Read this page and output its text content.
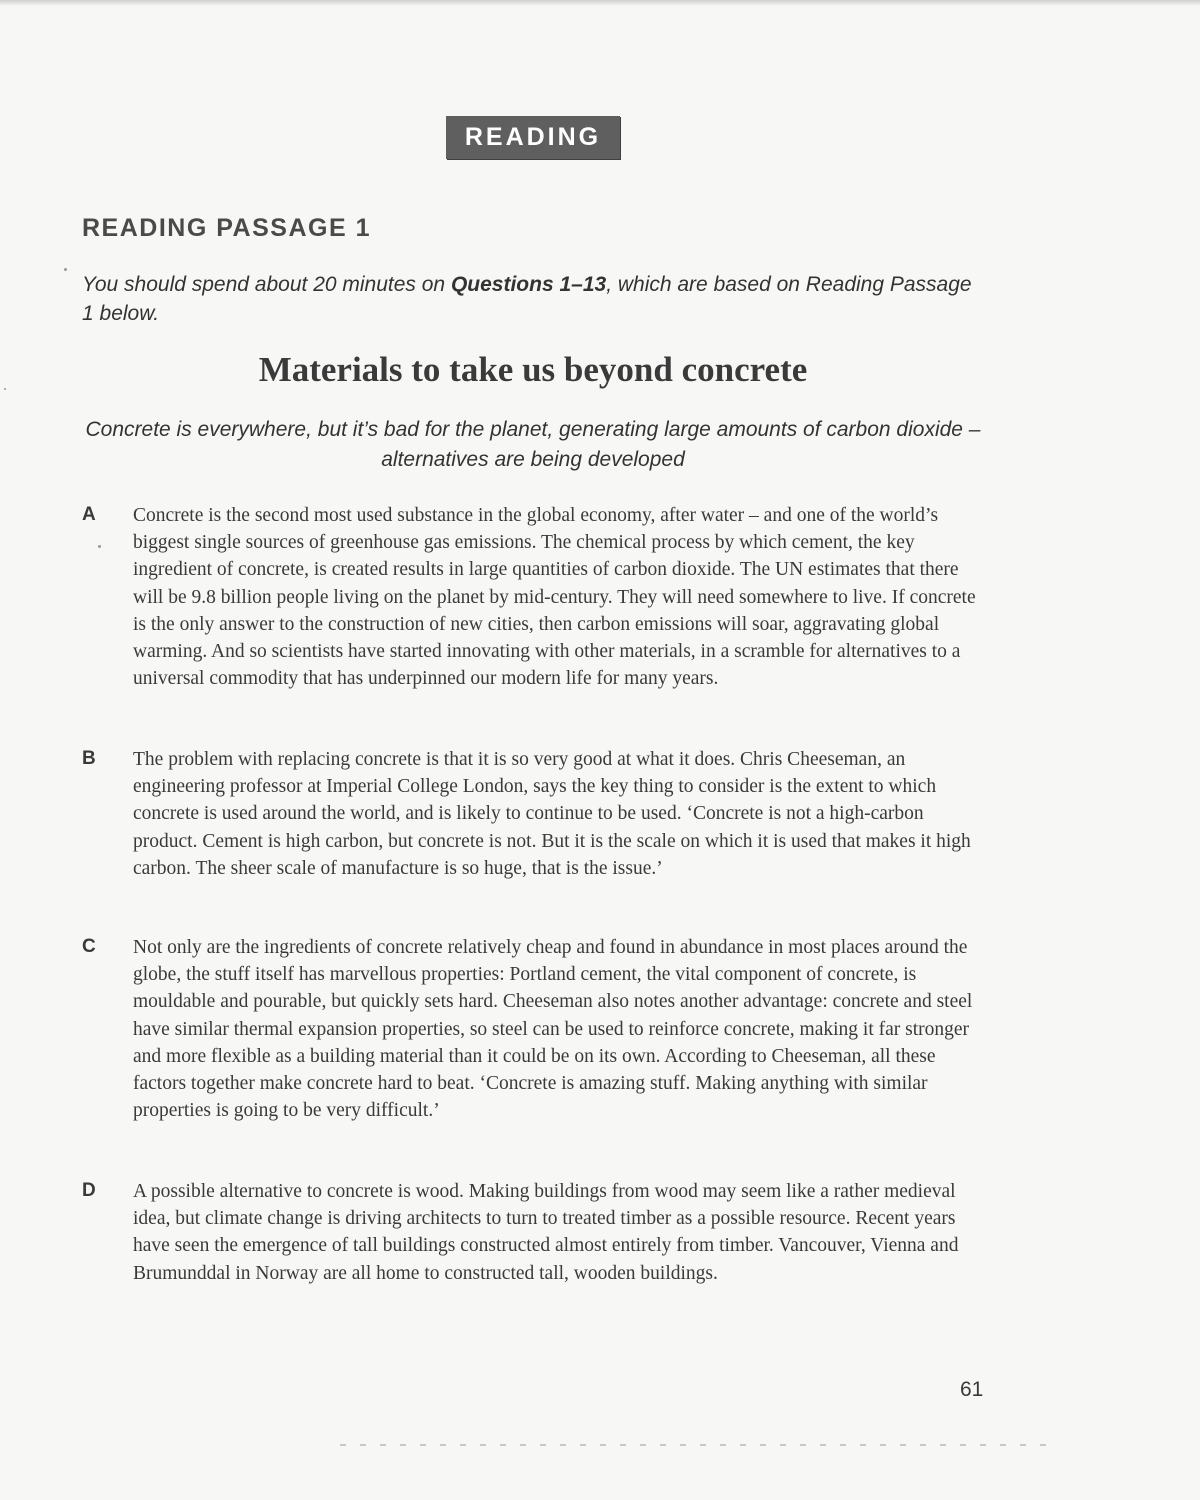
READING
READING PASSAGE 1

You should spend about 20 minutes on Questions 1–13, which are based on Reading Passage 1 below.

Materials to take us beyond concrete

Concrete is everywhere, but it’s bad for the planet, generating large amounts of carbon dioxide – alternatives are being developed

A Concrete is the second most used substance in the global economy, after water – and one of the world’s biggest single sources of greenhouse gas emissions. The chemical process by which cement, the key ingredient of concrete, is created results in large quantities of carbon dioxide. The UN estimates that there will be 9.8 billion people living on the planet by mid-century. They will need somewhere to live. If concrete is the only answer to the construction of new cities, then carbon emissions will soar, aggravating global warming. And so scientists have started innovating with other materials, in a scramble for alternatives to a universal commodity that has underpinned our modern life for many years.

B The problem with replacing concrete is that it is so very good at what it does. Chris Cheeseman, an engineering professor at Imperial College London, says the key thing to consider is the extent to which concrete is used around the world, and is likely to continue to be used. ‘Concrete is not a high-carbon product. Cement is high carbon, but concrete is not. But it is the scale on which it is used that makes it high carbon. The sheer scale of manufacture is so huge, that is the issue.’

C Not only are the ingredients of concrete relatively cheap and found in abundance in most places around the globe, the stuff itself has marvellous properties: Portland cement, the vital component of concrete, is mouldable and pourable, but quickly sets hard. Cheeseman also notes another advantage: concrete and steel have similar thermal expansion properties, so steel can be used to reinforce concrete, making it far stronger and more flexible as a building material than it could be on its own. According to Cheeseman, all these factors together make concrete hard to beat. ‘Concrete is amazing stuff. Making anything with similar properties is going to be very difficult.’

D A possible alternative to concrete is wood. Making buildings from wood may seem like a rather medieval idea, but climate change is driving architects to turn to treated timber as a possible resource. Recent years have seen the emergence of tall buildings constructed almost entirely from timber. Vancouver, Vienna and Brumunddal in Norway are all home to constructed tall, wooden buildings.

61
